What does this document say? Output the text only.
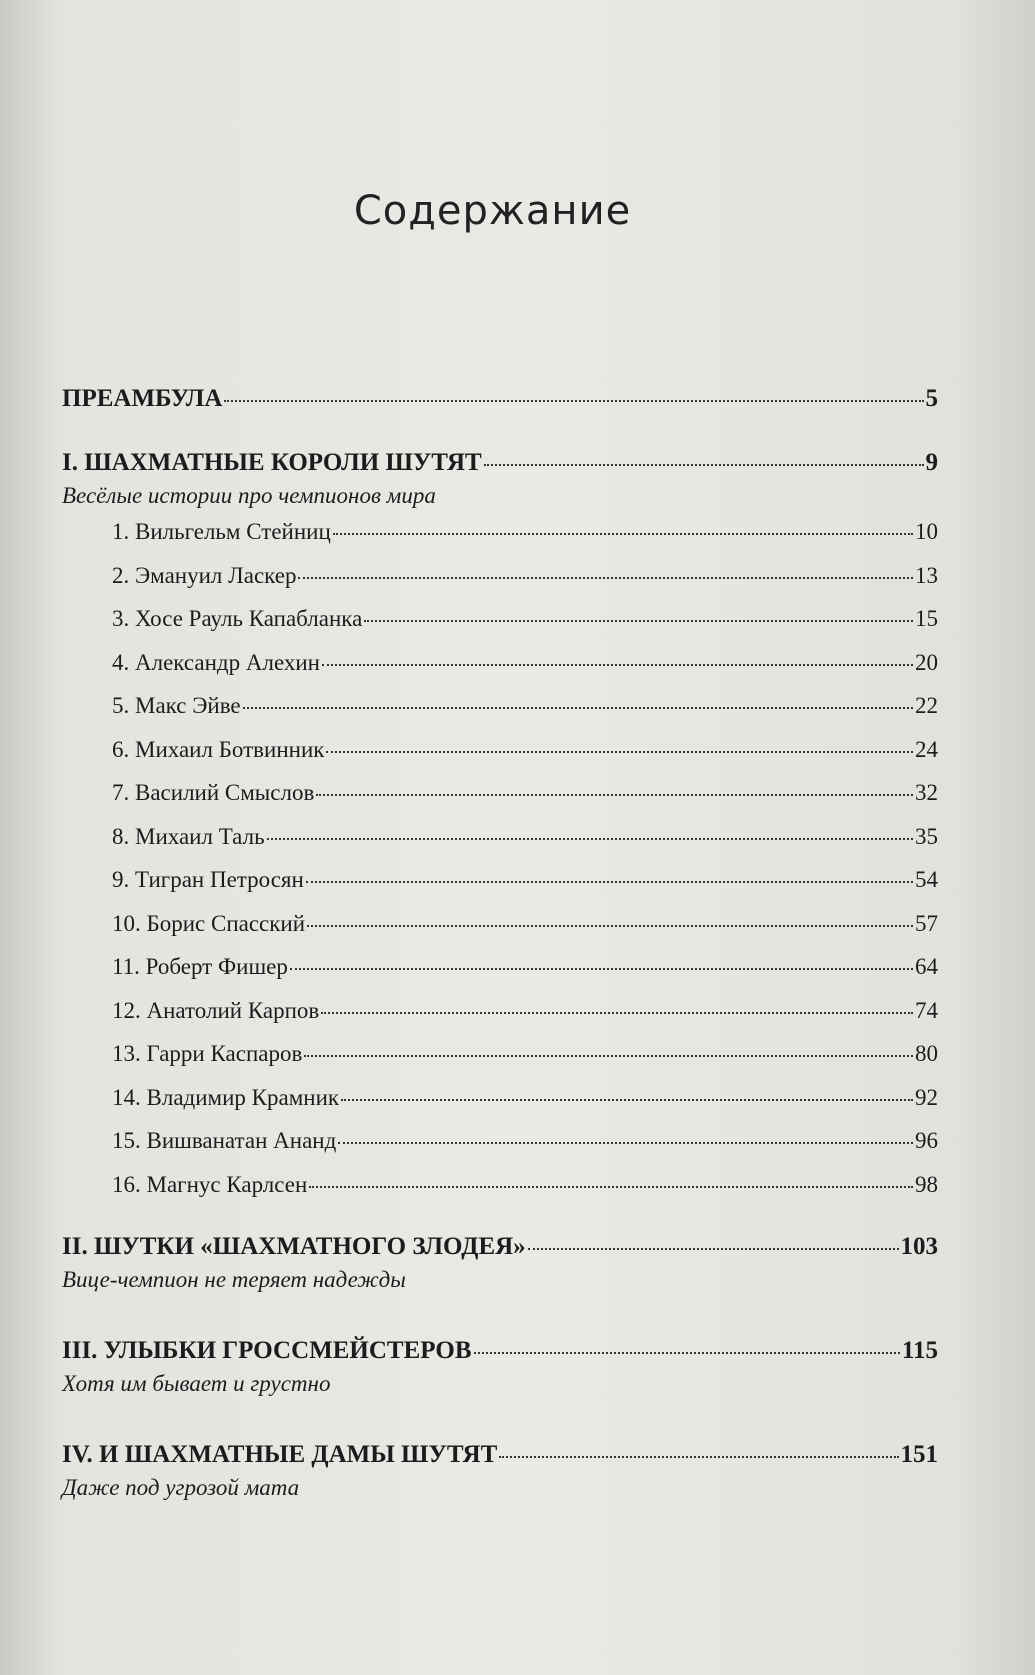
Содержание
ПРЕАМБУЛА	5
I. ШАХМАТНЫЕ КОРОЛИ ШУТЯТ	9
Весёлые истории про чемпионов мира
1. Вильгельм Стейниц	10
2. Эмануил Ласкер	13
3. Хосе Рауль Капабланка	15
4. Александр Алехин	20
5. Макс Эйве	22
6. Михаил Ботвинник	24
7. Василий Смыслов	32
8. Михаил Таль	35
9. Тигран Петросян	54
10. Борис Спасский	57
11. Роберт Фишер	64
12. Анатолий Карпов	74
13. Гарри Каспаров	80
14. Владимир Крамник	92
15. Вишванатан Ананд	96
16. Магнус Карлсен	98
II. ШУТКИ «ШАХМАТНОГО ЗЛОДЕЯ»	103
Вице-чемпион не теряет надежды
III. УЛЫБКИ ГРОССМЕЙСТЕРОВ	115
Хотя им бывает и грустно
IV. И ШАХМАТНЫЕ ДАМЫ ШУТЯТ	151
Даже под угрозой мата
